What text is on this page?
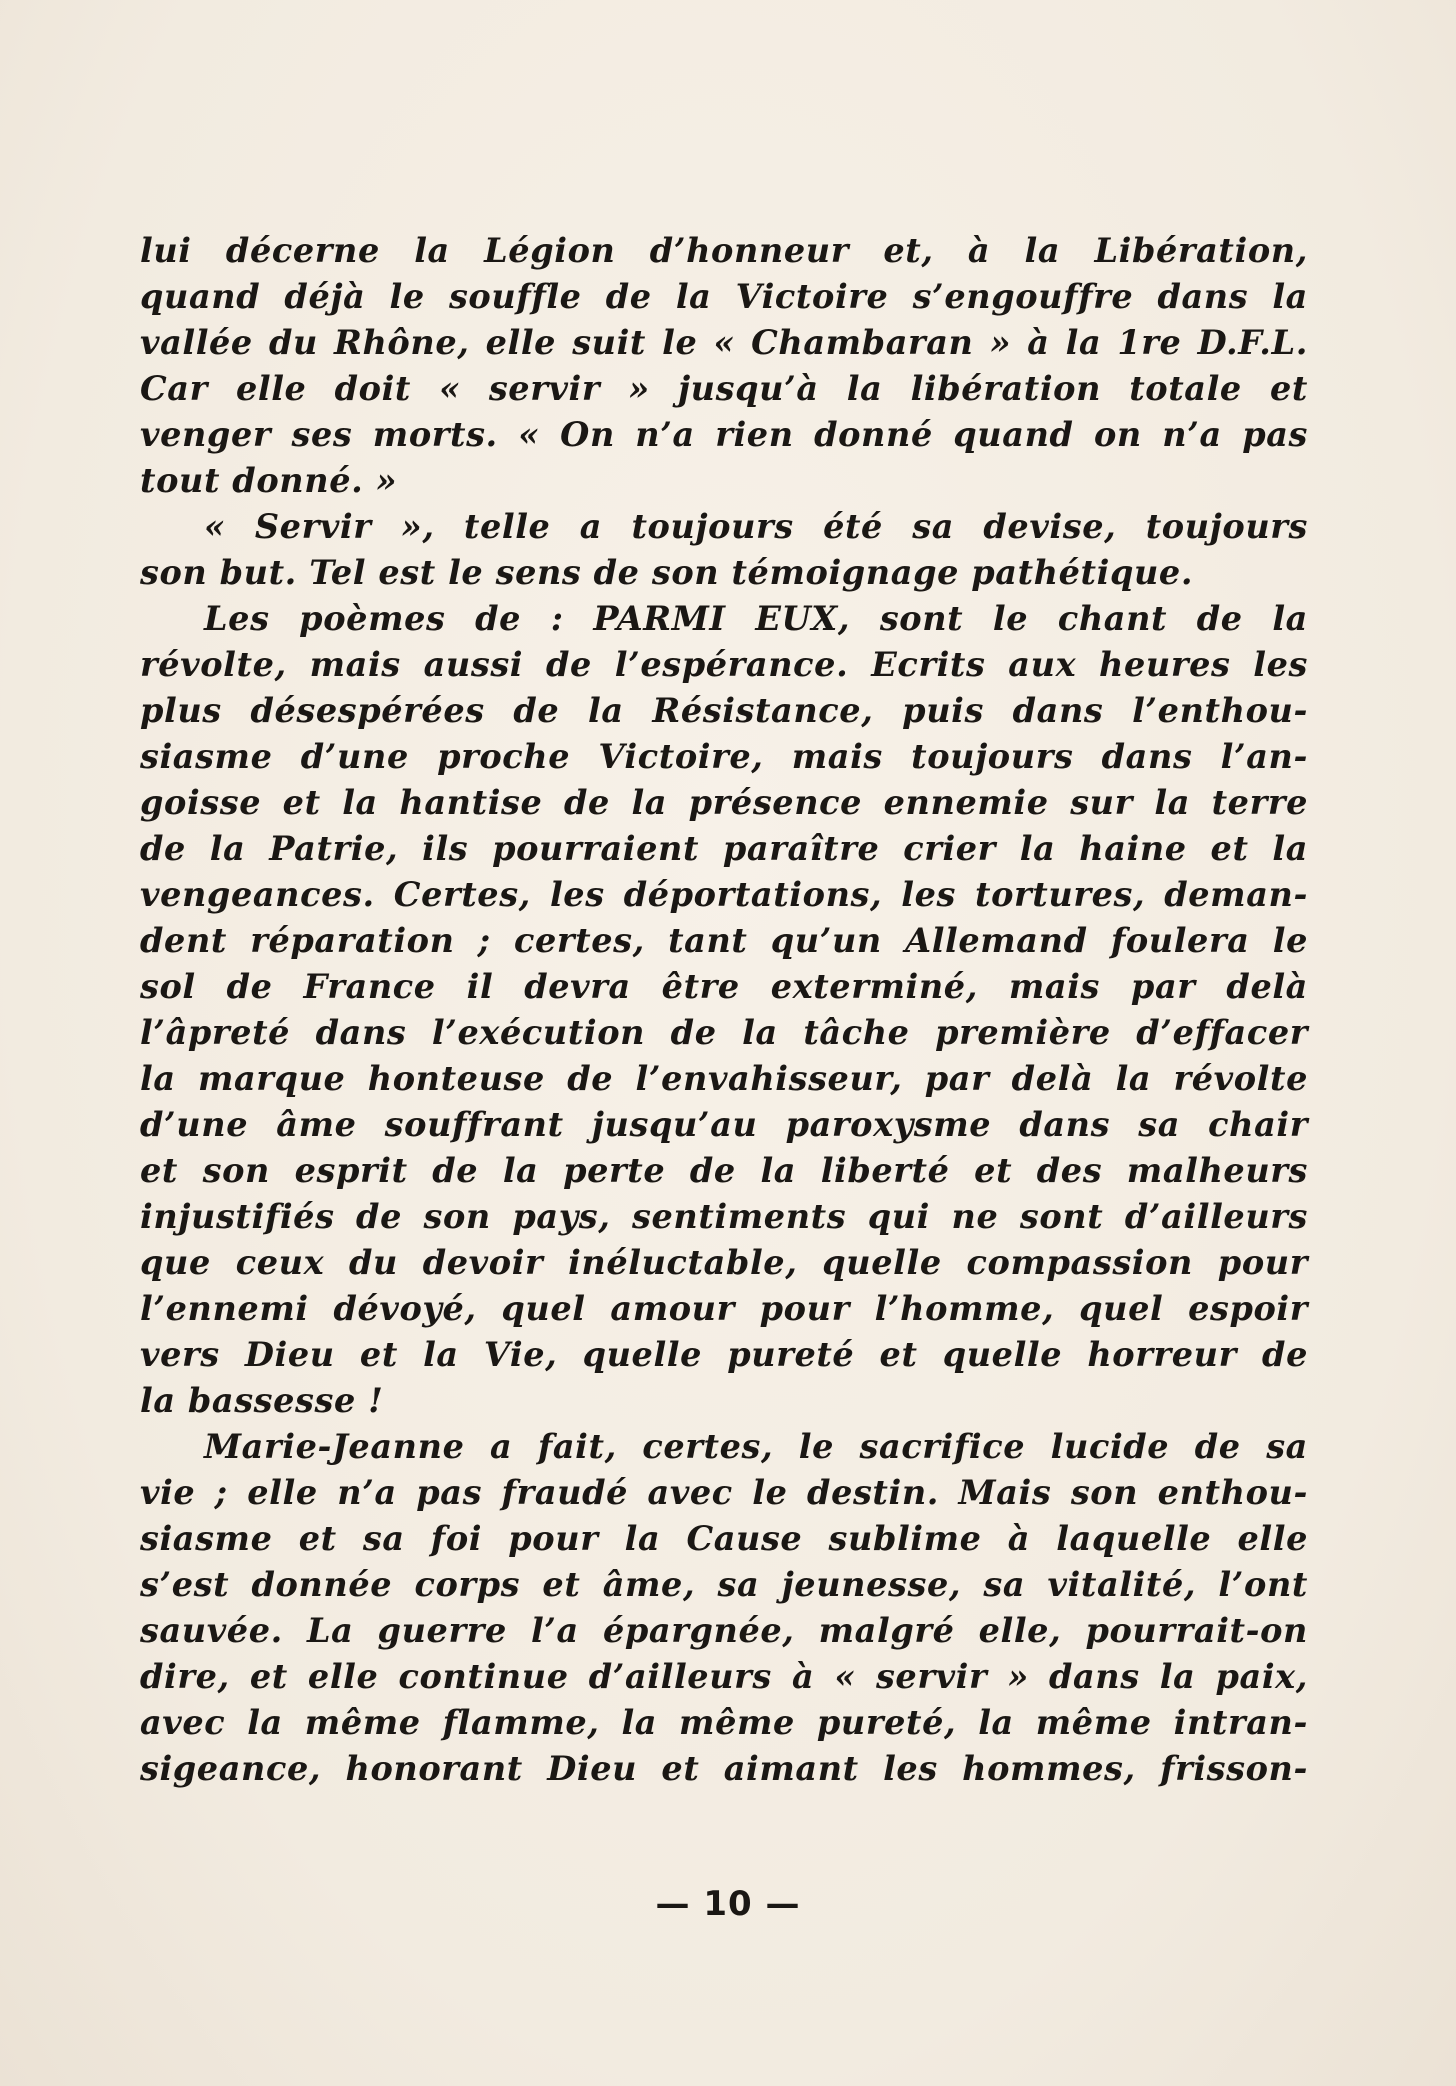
lui décerne la Légion d’honneur et, à la Libération,
quand déjà le souffle de la Victoire s’engouffre dans la
vallée du Rhône, elle suit le « Chambaran » à la 1re D.F.L.
Car elle doit « servir » jusqu’à la libération totale et
venger ses morts. « On n’a rien donné quand on n’a pas
tout donné. »
« Servir », telle a toujours été sa devise, toujours
son but. Tel est le sens de son témoignage pathétique.
Les poèmes de : PARMI EUX, sont le chant de la
révolte, mais aussi de l’espérance. Ecrits aux heures les
plus désespérées de la Résistance, puis dans l’enthou-
siasme d’une proche Victoire, mais toujours dans l’an-
goisse et la hantise de la présence ennemie sur la terre
de la Patrie, ils pourraient paraître crier la haine et la
vengeances. Certes, les déportations, les tortures, deman-
dent réparation ; certes, tant qu’un Allemand foulera le
sol de France il devra être exterminé, mais par delà
l’âpreté dans l’exécution de la tâche première d’effacer
la marque honteuse de l’envahisseur, par delà la révolte
d’une âme souffrant jusqu’au paroxysme dans sa chair
et son esprit de la perte de la liberté et des malheurs
injustifiés de son pays, sentiments qui ne sont d’ailleurs
que ceux du devoir inéluctable, quelle compassion pour
l’ennemi dévoyé, quel amour pour l’homme, quel espoir
vers Dieu et la Vie, quelle pureté et quelle horreur de
la bassesse !
Marie-Jeanne a fait, certes, le sacrifice lucide de sa
vie ; elle n’a pas fraudé avec le destin. Mais son enthou-
siasme et sa foi pour la Cause sublime à laquelle elle
s’est donnée corps et âme, sa jeunesse, sa vitalité, l’ont
sauvée. La guerre l’a épargnée, malgré elle, pourrait-on
dire, et elle continue d’ailleurs à « servir » dans la paix,
avec la même flamme, la même pureté, la même intran-
sigeance, honorant Dieu et aimant les hommes, frisson-
— 10 —
